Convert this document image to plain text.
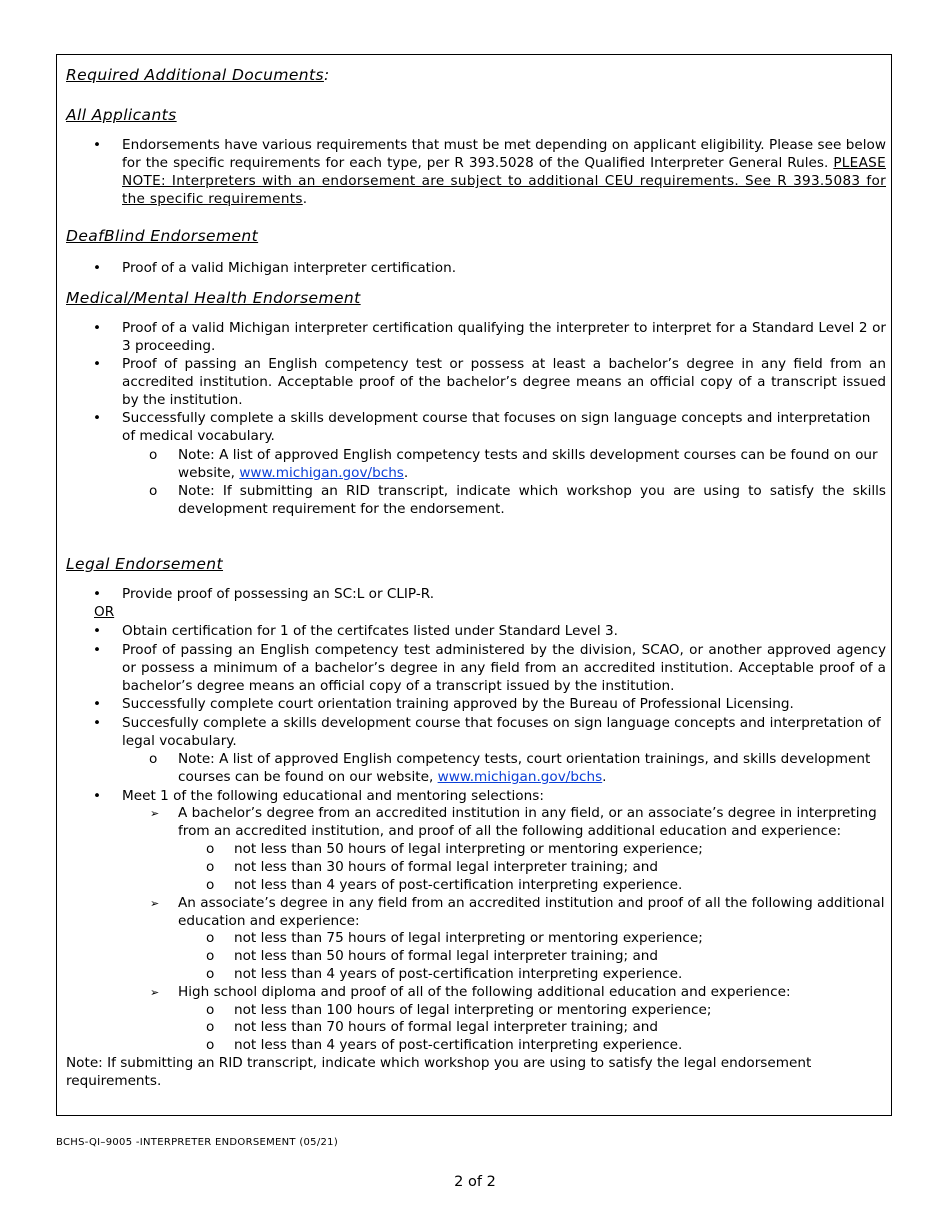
Required Additional Documents:
All Applicants
•
Endorsements have various requirements that must be met depending on applicant eligibility. Please see below for the specific requirements for each type, per R 393.5028 of the Qualified Interpreter General Rules. PLEASE NOTE: Interpreters with an endorsement are subject to additional CEU requirements. See R 393.5083 for the specific requirements.
DeafBlind Endorsement
•
Proof of a valid Michigan interpreter certification.
Medical/Mental Health Endorsement
•
Proof of a valid Michigan interpreter certification qualifying the interpreter to interpret for a Standard Level 2 or 3 proceeding.
•
Proof of passing an English competency test or possess at least a bachelor’s degree in any field from an accredited institution. Acceptable proof of the bachelor’s degree means an official copy of a transcript issued by the institution.
•
Successfully complete a skills development course that focuses on sign language concepts and interpretation of medical vocabulary.
o
Note: A list of approved English competency tests and skills development courses can be found on our website, www.michigan.gov/bchs.
o
Note: If submitting an RID transcript, indicate which workshop you are using to satisfy the skills development requirement for the endorsement.
Legal Endorsement
•
Provide proof of possessing an SC:L or CLIP-R.
OR
•
Obtain certification for 1 of the certifcates listed under Standard Level 3.
•
Proof of passing an English competency test administered by the division, SCAO, or another approved agency or possess a minimum of a bachelor’s degree in any field from an accredited institution. Acceptable proof of a bachelor’s degree means an official copy of a transcript issued by the institution.
•
Successfully complete court orientation training approved by the Bureau of Professional Licensing.
•
Succesfully complete a skills development course that focuses on sign language concepts and interpretation of legal vocabulary.
o
Note: A list of approved English competency tests, court orientation trainings, and skills development courses can be found on our website, www.michigan.gov/bchs.
•
Meet 1 of the following educational and mentoring selections:
➢
A bachelor’s degree from an accredited institution in any field, or an associate’s degree in interpreting from an accredited institution, and proof of all the following additional education and experience:
o
not less than 50 hours of legal interpreting or mentoring experience;
o
not less than 30 hours of formal legal interpreter training; and
o
not less than 4 years of post-certification interpreting experience.
➢
An associate’s degree in any field from an accredited institution and proof of all the following additional education and experience:
o
not less than 75 hours of legal interpreting or mentoring experience;
o
not less than 50 hours of formal legal interpreter training; and
o
not less than 4 years of post-certification interpreting experience.
➢
High school diploma and proof of all of the following additional education and experience:
o
not less than 100 hours of legal interpreting or mentoring experience;
o
not less than 70 hours of formal legal interpreter training; and
o
not less than 4 years of post-certification interpreting experience.
Note: If submitting an RID transcript, indicate which workshop you are using to satisfy the legal endorsement requirements.
BCHS-QI–9005 -INTERPRETER ENDORSEMENT (05/21)
2 of 2
